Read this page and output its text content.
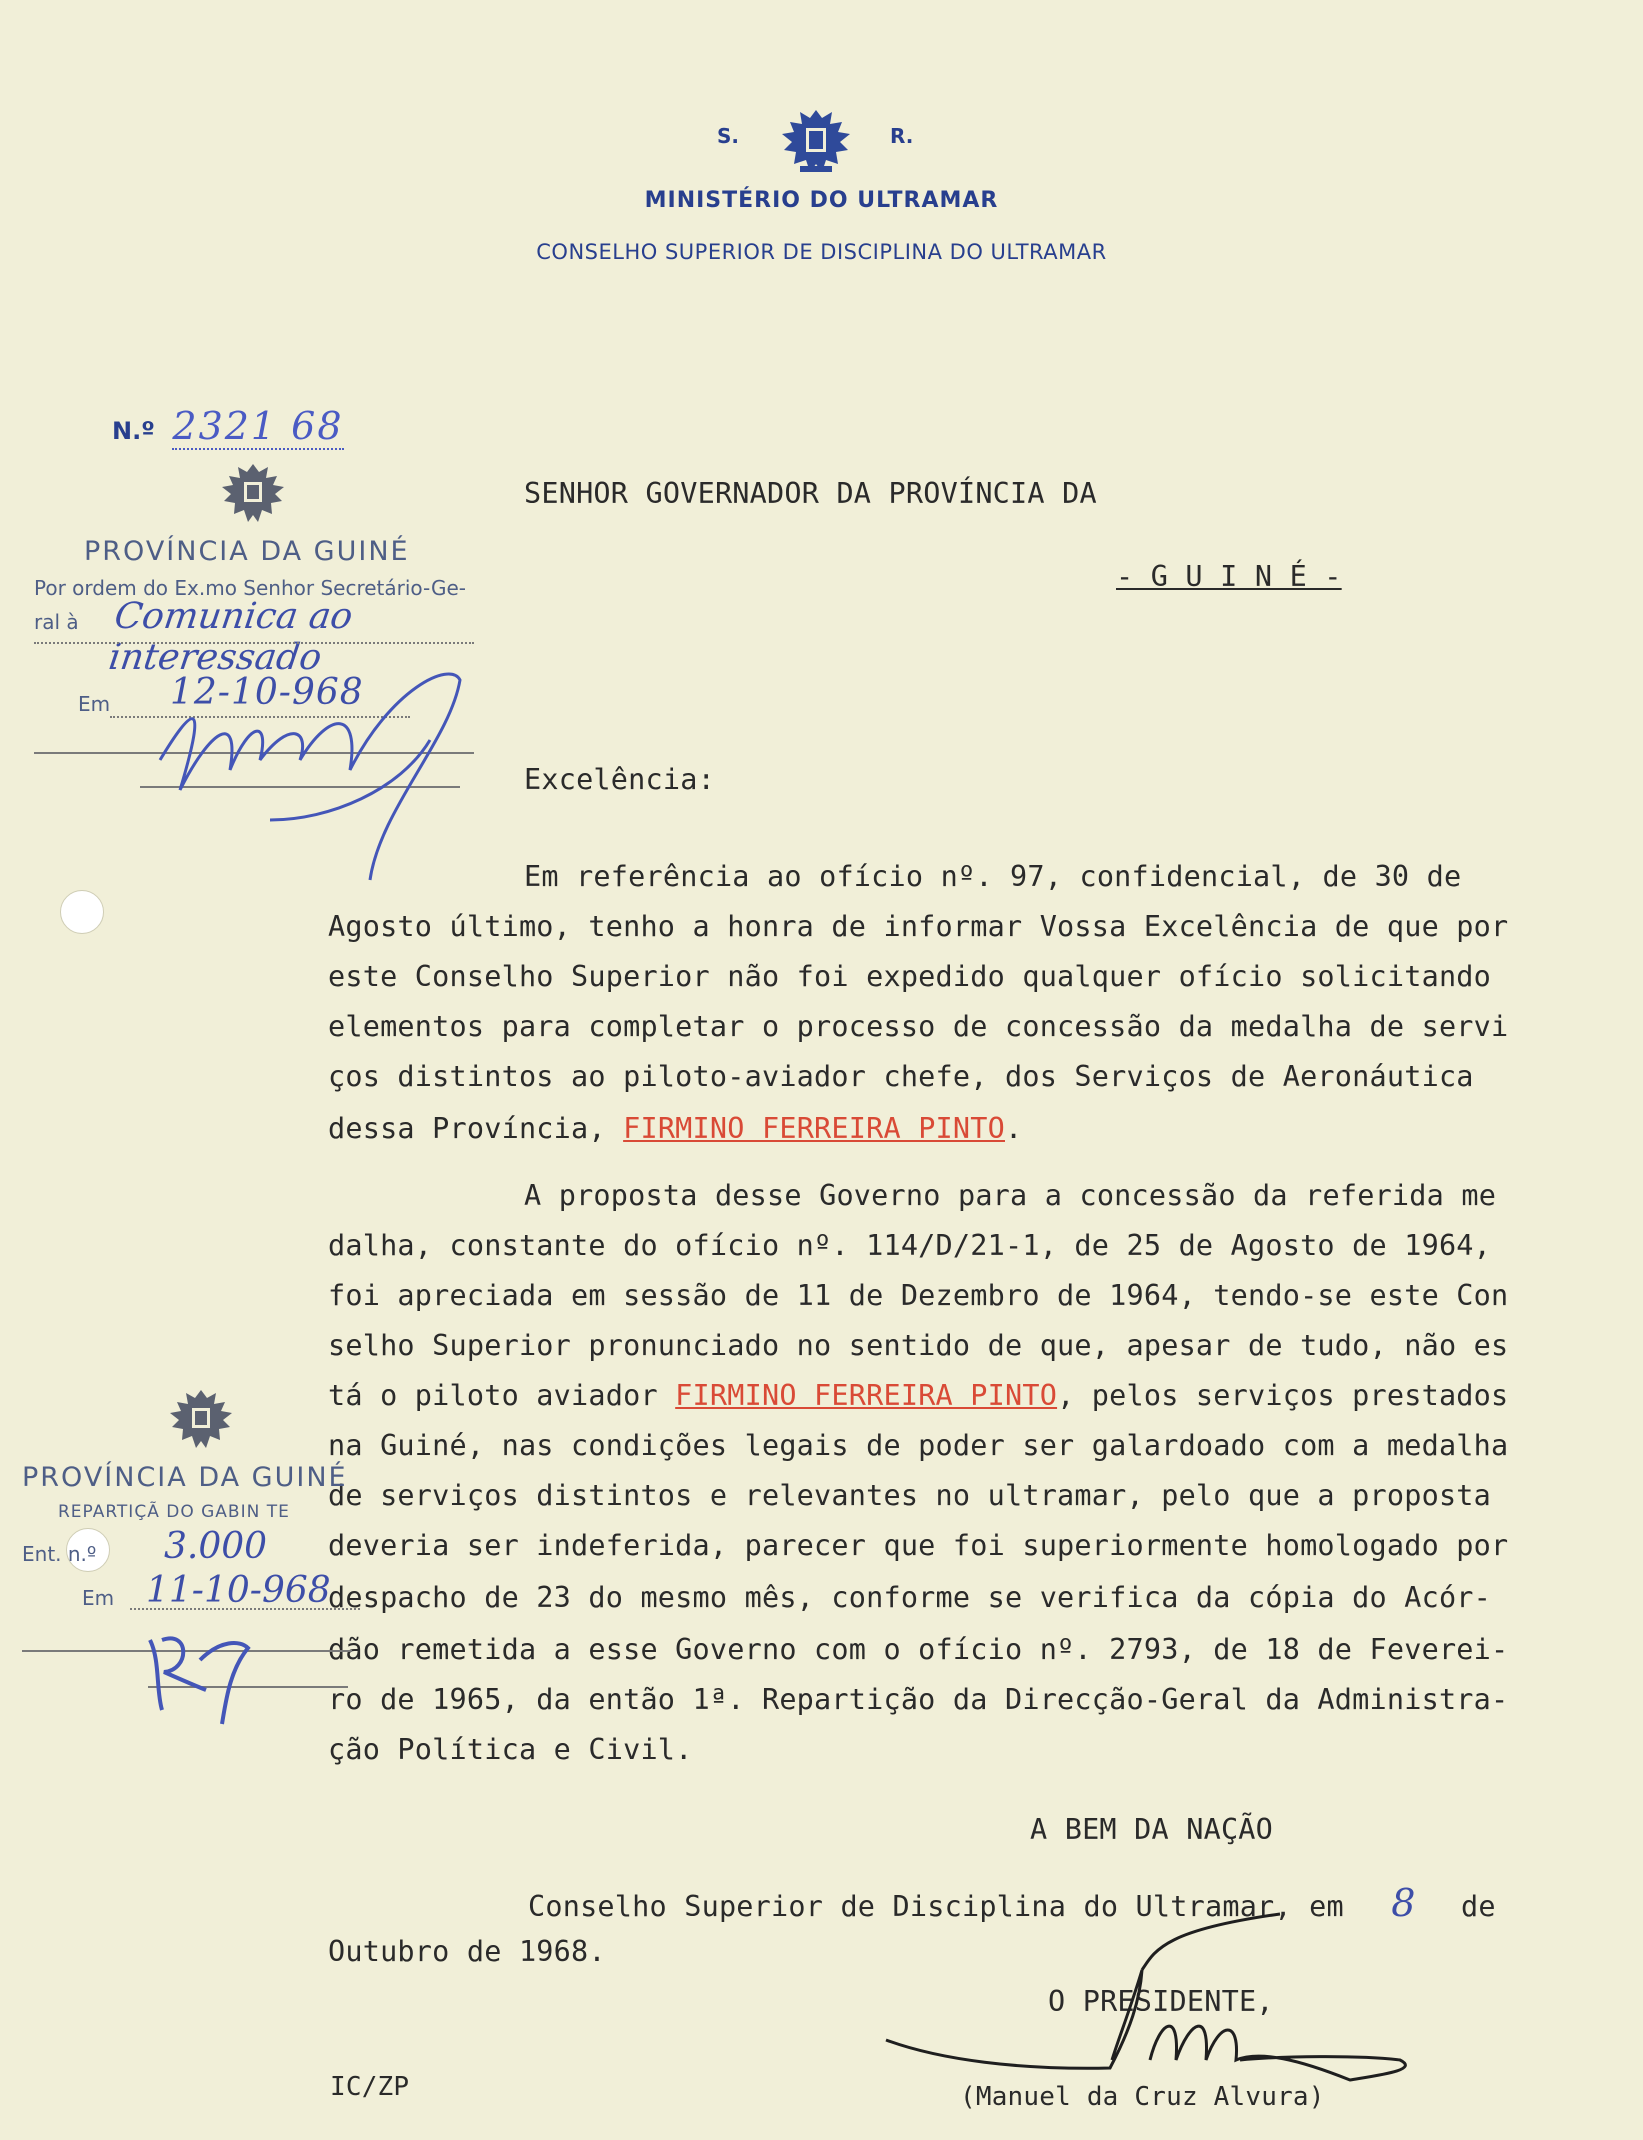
S.	R.
MINISTÉRIO DO ULTRAMAR
CONSELHO SUPERIOR DE DISCIPLINA DO ULTRAMAR
N.º 2321 68
PROVÍNCIA DA GUINÉ
Por ordem do Ex.mo Senhor Secretário-Ge-
ral à Comunica ao interessado
Em 12-10-968
SENHOR GOVERNADOR DA PROVÍNCIA DA
- G U I N É -
Excelência:
Em referência ao ofício nº. 97, confidencial, de 30 de
Agosto último, tenho a honra de informar Vossa Excelência de que por
este Conselho Superior não foi expedido qualquer ofício solicitando
elementos para completar o processo de concessão da medalha de servi
ços distintos ao piloto-aviador chefe, dos Serviços de Aeronáutica
dessa Província, FIRMINO FERREIRA PINTO.
A proposta desse Governo para a concessão da referida me
dalha, constante do ofício nº. 114/D/21-1, de 25 de Agosto de 1964,
foi apreciada em sessão de 11 de Dezembro de 1964, tendo-se este Con
selho Superior pronunciado no sentido de que, apesar de tudo, não es
tá o piloto aviador FIRMINO FERREIRA PINTO, pelos serviços prestados
na Guiné, nas condições legais de poder ser galardoado com a medalha
de serviços distintos e relevantes no ultramar, pelo que a proposta
deveria ser indeferida, parecer que foi superiormente homologado por
despacho de 23 do mesmo mês, conforme se verifica da cópia do Acór-
dão remetida a esse Governo com o ofício nº. 2793, de 18 de Feverei-
ro de 1965, da então 1ª. Repartição da Direcção-Geral da Administra-
ção Política e Civil.
PROVÍNCIA DA GUINÉ
REPARTIÇÃ DO GABIN TE
Ent. n.º 3.000
Em 11-10-968
A BEM DA NAÇÃO
Conselho Superior de Disciplina do Ultramar, em 8 de
Outubro de 1968.
O PRESIDENTE,
(Manuel da Cruz Alvura)
IC/ZP
